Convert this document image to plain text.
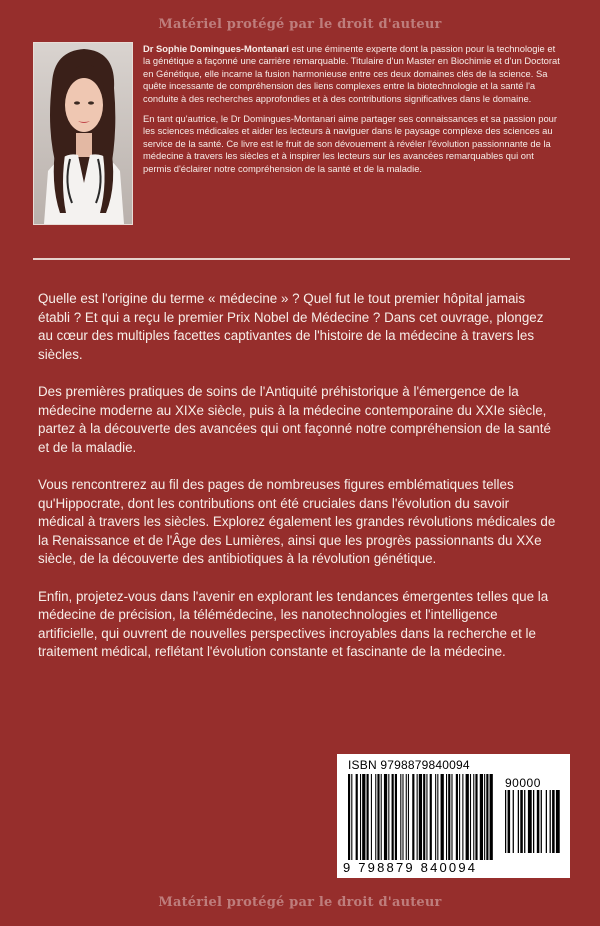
Matériel protégé par le droit d'auteur

Dr Sophie Domingues-Montanari est une éminente experte dont la passion pour la technologie et la génétique a façonné une carrière remarquable. Titulaire d'un Master en Biochimie et d'un Doctorat en Génétique, elle incarne la fusion harmonieuse entre ces deux domaines clés de la science. Sa quête incessante de compréhension des liens complexes entre la biotechnologie et la santé l'a conduite à des recherches approfondies et à des contributions significatives dans le domaine.

En tant qu'autrice, le Dr Domingues-Montanari aime partager ses connaissances et sa passion pour les sciences médicales et aider les lecteurs à naviguer dans le paysage complexe des sciences au service de la santé. Ce livre est le fruit de son dévouement à révéler l'évolution passionnante de la médecine à travers les siècles et à inspirer les lecteurs sur les avancées remarquables qui ont permis d'éclairer notre compréhension de la santé et de la maladie.

Quelle est l'origine du terme « médecine » ? Quel fut le tout premier hôpital jamais établi ? Et qui a reçu le premier Prix Nobel de Médecine ? Dans cet ouvrage, plongez au cœur des multiples facettes captivantes de l'histoire de la médecine à travers les siècles.

Des premières pratiques de soins de l'Antiquité préhistorique à l'émergence de la médecine moderne au XIXe siècle, puis à la médecine contemporaine du XXIe siècle, partez à la découverte des avancées qui ont façonné notre compréhension de la santé et de la maladie.

Vous rencontrerez au fil des pages de nombreuses figures emblématiques telles qu'Hippocrate, dont les contributions ont été cruciales dans l'évolution du savoir médical à travers les siècles. Explorez également les grandes révolutions médicales de la Renaissance et de l'Âge des Lumières, ainsi que les progrès passionnants du XXe siècle, de la découverte des antibiotiques à la révolution génétique.

Enfin, projetez-vous dans l'avenir en explorant les tendances émergentes telles que la médecine de précision, la télémédecine, les nanotechnologies et l'intelligence artificielle, qui ouvrent de nouvelles perspectives incroyables dans la recherche et le traitement médical, reflétant l'évolution constante et fascinante de la médecine.

ISBN 9798879840094
90000
9 798879 840094
Matériel protégé par le droit d'auteur
